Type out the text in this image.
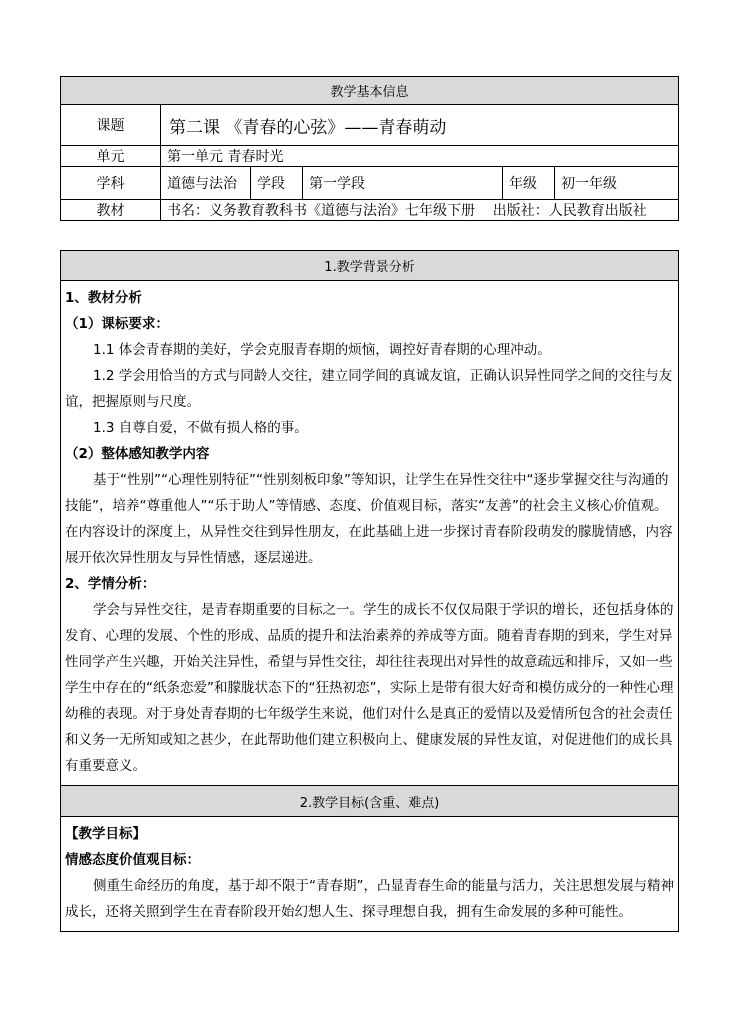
教学基本信息					
课题	第二课 《青春的心弦》——青春萌动				
单元	第一单元 青春时光				
学科	道德与法治	学段	第一学段	年级	初一年级
教材	书名：义务教育教科书《道德与法治》七年级下册    出版社：人民教育出版社				
1.教学背景分析

1、教材分析

（1）课标要求：

1.1 体会青春期的美好，学会克服青春期的烦恼，调控好青春期的心理冲动。

1.2 学会用恰当的方式与同龄人交往，建立同学间的真诚友谊，正确认识异性同学之间的交往与友谊，把握原则与尺度。

1.3 自尊自爱，不做有损人格的事。

（2）整体感知教学内容

基于“性别”“心理性别特征”“性别刻板印象”等知识，让学生在异性交往中“逐步掌握交往与沟通的技能”，培养“尊重他人”“乐于助人”等情感、态度、价值观目标，落实“友善”的社会主义核心价值观。在内容设计的深度上，从异性交往到异性朋友，在此基础上进一步探讨青春阶段萌发的朦胧情感，内容展开依次异性朋友与异性情感，逐层递进。

2、学情分析：

学会与异性交往，是青春期重要的目标之一。学生的成长不仅仅局限于学识的增长，还包括身体的发育、心理的发展、个性的形成、品质的提升和法治素养的养成等方面。随着青春期的到来，学生对异性同学产生兴趣，开始关注异性，希望与异性交往，却往往表现出对异性的故意疏远和排斥，又如一些学生中存在的“纸条恋爱”和朦胧状态下的“狂热初恋”，实际上是带有很大好奇和模仿成分的一种性心理幼稚的表现。对于身处青春期的七年级学生来说，他们对什么是真正的爱情以及爱情所包含的社会责任和义务一无所知或知之甚少，在此帮助他们建立积极向上、健康发展的异性友谊，对促进他们的成长具有重要意义。

2.教学目标(含重、难点)

【教学目标】

情感态度价值观目标：

侧重生命经历的角度，基于却不限于“青春期”，凸显青春生命的能量与活力，关注思想发展与精神成长，还将关照到学生在青春阶段开始幻想人生、探寻理想自我，拥有生命发展的多种可能性。
